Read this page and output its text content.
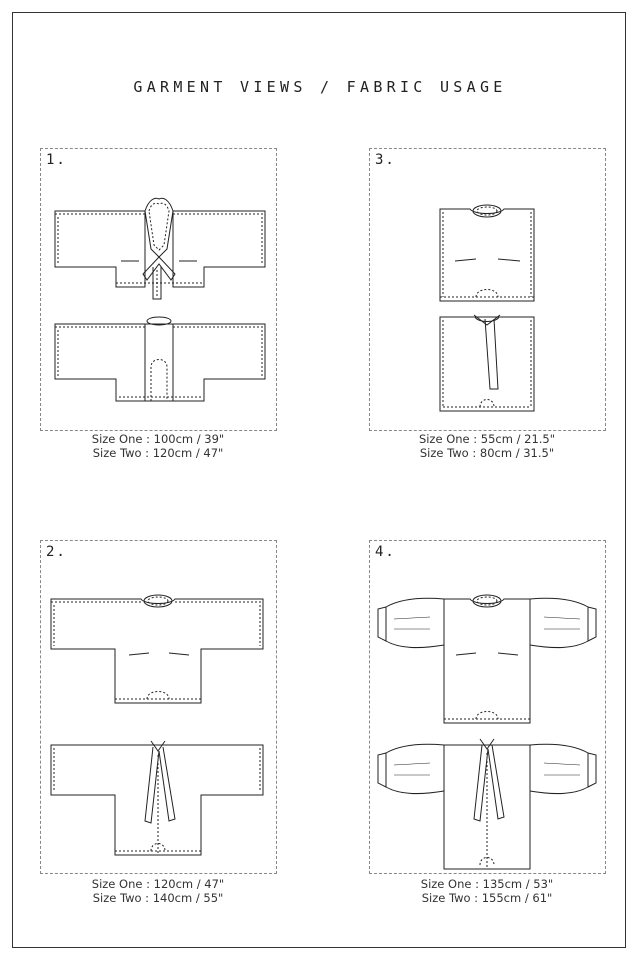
GARMENT VIEWS / FABRIC USAGE
1.
Size One : 100cm / 39"
Size Two : 120cm / 47"
3.
Size One : 55cm / 21.5"
Size Two : 80cm / 31.5"
2.
Size One : 120cm / 47"
Size Two : 140cm / 55"
4.
Size One : 135cm / 53"
Size Two : 155cm / 61"
